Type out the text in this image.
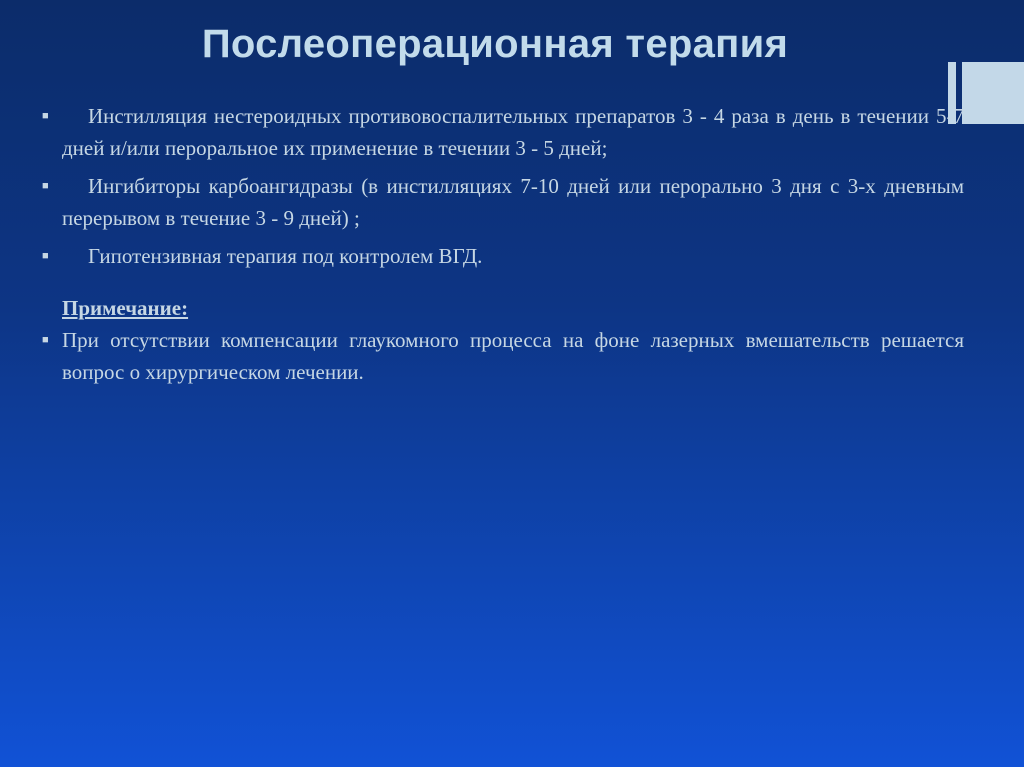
Послеоперационная терапия
■	Инстилляция нестероидных противовоспалительных препаратов 3 - 4 раза в день в течении 5-7 дней и/или пероральное их применение в течении 3 - 5 дней;
■	Ингибиторы карбоангидразы (в инстилляциях 7-10 дней или перорально 3 дня с 3-х дневным перерывом в течение 3 - 9 дней) ;
■	Гипотензивная терапия под контролем ВГД.
Примечание:
■ При отсутствии компенсации глаукомного процесса на фоне лазерных вмешательств решается вопрос о хирургическом лечении.
